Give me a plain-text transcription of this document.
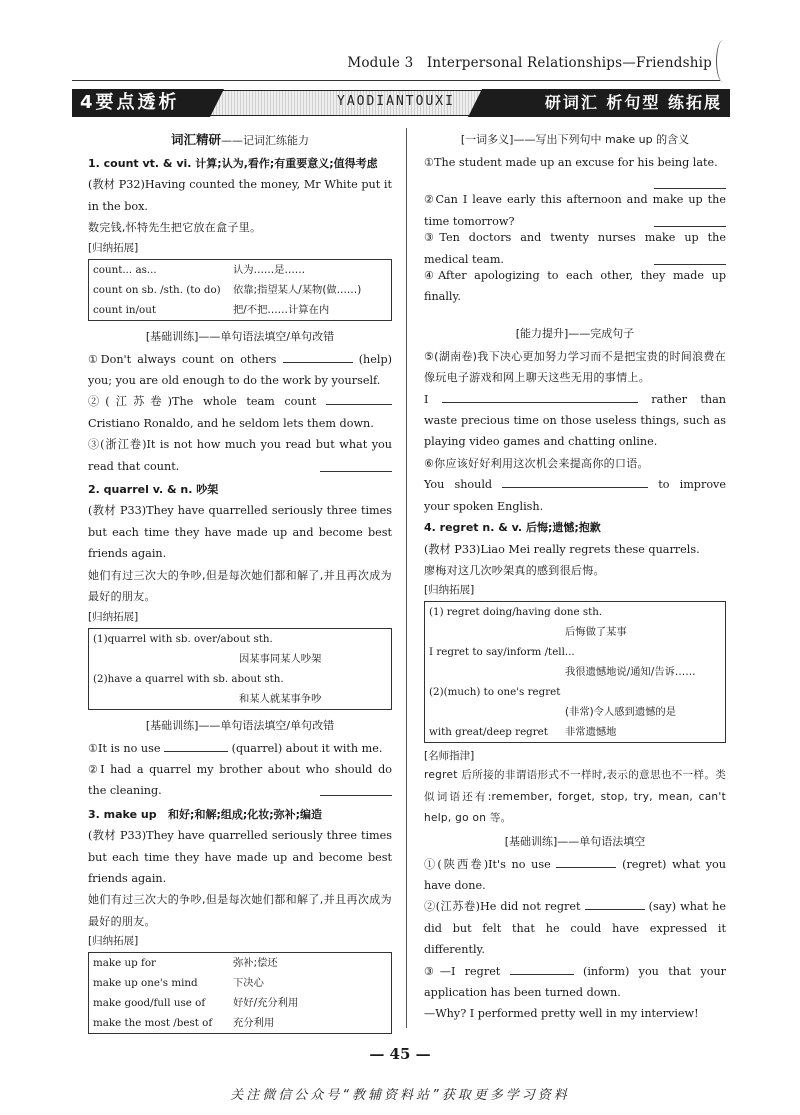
Module 3   Interpersonal Relationships—Friendship
4要点透析	YAODIANTOUXI	研词汇 析句型 练拓展
词汇精研——记词汇练能力

1. count vt. & vi. 计算;认为,看作;有重要意义;值得考虑

(教材 P32)Having counted the money, Mr White put it in the box.

数完钱,怀特先生把它放在盒子里。

[归纳拓展]
count... as...	认为……是……
count on sb. /sth. (to do)	依靠;指望某人/某物(做……)
count in/out	把/不把……计算在内
[基础训练]——单句语法填空/单句改错

①Don't always count on others	(help) you; you are old enough to do the work by yourself.

②(江苏卷)The whole team count  Cristiano Ronaldo, and he seldom lets them down.

③(浙江卷)It is not how much you read but what you read that count.

2. quarrel v. & n. 吵架

(教材 P33)They have quarrelled seriously three times but each time they have made up and become best friends again.

她们有过三次大的争吵,但是每次她们都和解了,并且再次成为最好的朋友。

[归纳拓展]
(1)quarrel with sb. over/about sth.
因某事同某人吵架
(2)have a quarrel with sb. about sth.
和某人就某事争吵
[基础训练]——单句语法填空/单句改错

①It is no use	(quarrel) about it with me.

②I had a quarrel my brother about who should do the cleaning.

3. make up   和好;和解;组成;化妆;弥补;编造

(教材 P33)They have quarrelled seriously three times but each time they have made up and become best friends again.

她们有过三次大的争吵,但是每次她们都和解了,并且再次成为最好的朋友。

[归纳拓展]
make up for	弥补;偿还
make up one's mind	下决心
make good/full use of	好好/充分利用
make the most /best of	充分利用
[一词多义]——写出下列句中 make up 的含义

①The student made up an excuse for his being late.

②Can I leave early this afternoon and make up the time tomorrow?

③Ten doctors and twenty nurses make up the medical team.

④After apologizing to each other, they made up finally.

[能力提升]——完成句子

⑤(湖南卷)我下决心更加努力学习而不是把宝贵的时间浪费在像玩电子游戏和网上聊天这些无用的事情上。

I	rather than waste precious time on those useless things, such as playing video games and chatting online.

⑥你应该好好利用这次机会来提高你的口语。

You should	to improve your spoken English.

4. regret n. & v. 后悔;遗憾;抱歉

(教材 P33)Liao Mei really regrets these quarrels.

廖梅对这几次吵架真的感到很后悔。

[归纳拓展]
(1) regret doing/having done sth.
后悔做了某事
I regret to say/inform /tell...
我很遗憾地说/通知/告诉……
(2)(much) to one's regret
(非常)令人感到遗憾的是
with great/deep regret	非常遗憾地
[名师指津]

regret 后所接的非谓语形式不一样时,表示的意思也不一样。类似词语还有:remember, forget, stop, try, mean, can't help, go on 等。

[基础训练]——单句语法填空

①(陕西卷)It's no use	(regret) what you have done.

②(江苏卷)He did not regret	(say) what he did but felt that he could have expressed it differently.

③—I regret	(inform) you that your application has been turned down.

—Why? I performed pretty well in my interview!

— 45 —
关注微信公众号“教辅资料站”获取更多学习资料
